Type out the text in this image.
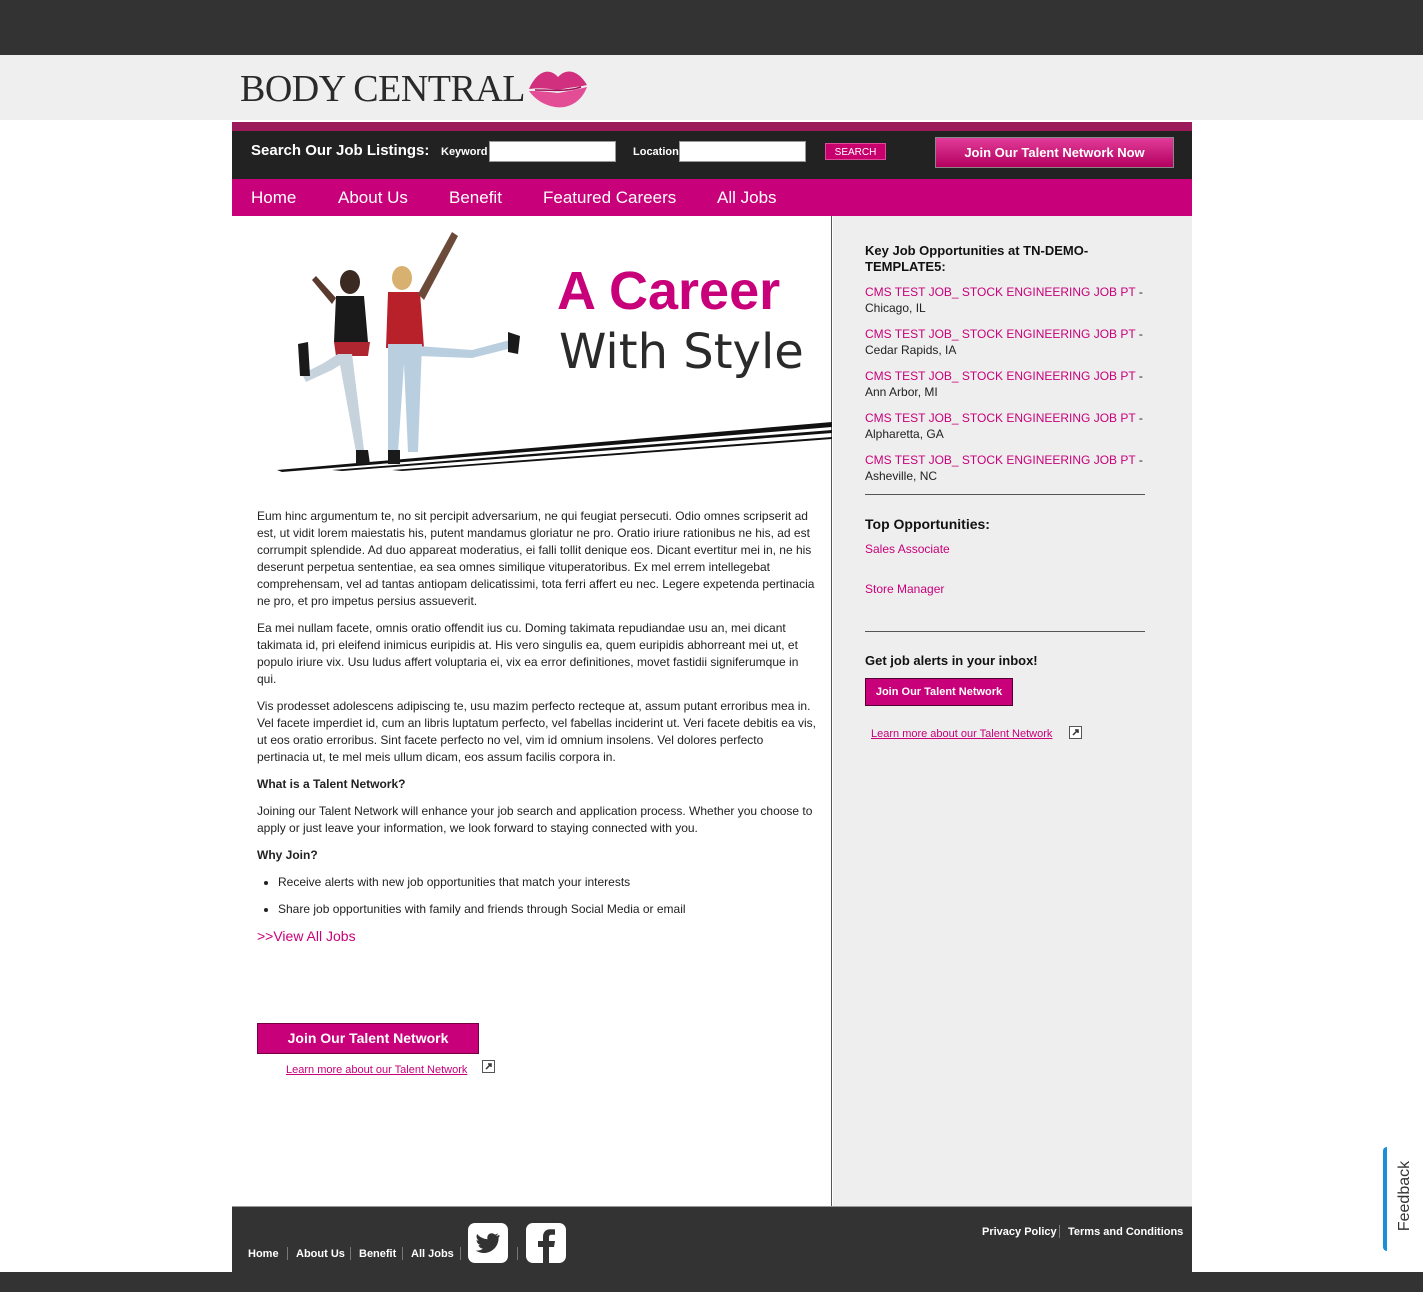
BODY CENTRAL
Search Our Job Listings: Keyword	Location	SEARCH	Join Our Talent Network Now
Home About Us Benefit Featured Careers All Jobs
A Career
With Style

Eum hinc argumentum te, no sit percipit adversarium, ne qui feugiat persecuti. Odio omnes scripserit ad est, ut vidit lorem maiestatis his, putent mandamus gloriatur ne pro. Oratio iriure rationibus ne his, ad est corrumpit splendide. Ad duo appareat moderatius, ei falli tollit denique eos. Dicant evertitur mei in, ne his deserunt perpetua sententiae, ea sea omnes similique vituperatoribus. Ex mel errem intellegebat comprehensam, vel ad tantas antiopam delicatissimi, tota ferri affert eu nec. Legere expetenda pertinacia ne pro, et pro impetus persius assueverit.

Ea mei nullam facete, omnis oratio offendit ius cu. Doming takimata repudiandae usu an, mei dicant takimata id, pri eleifend inimicus euripidis at. His vero singulis ea, quem euripidis abhorreant mei ut, et populo iriure vix. Usu ludus affert voluptaria ei, vix ea error definitiones, movet fastidii signiferumque in qui.

Vis prodesset adolescens adipiscing te, usu mazim perfecto recteque at, assum putant erroribus mea in. Vel facete imperdiet id, cum an libris luptatum perfecto, vel fabellas inciderint ut. Veri facete debitis ea vis, ut eos oratio erroribus. Sint facete perfecto no vel, vim id omnium insolens. Vel dolores perfecto pertinacia ut, te mel meis ullum dicam, eos assum facilis corpora in.

What is a Talent Network?

Joining our Talent Network will enhance your job search and application process. Whether you choose to apply or just leave your information, we look forward to staying connected with you.

Why Join?

• Receive alerts with new job opportunities that match your interests
• Share job opportunities with family and friends through Social Media or email
>>View All Jobs
Join Our Talent Network
Learn more about our Talent Network
Key Job Opportunities at TN-DEMO-TEMPLATE5:
CMS TEST JOB_ STOCK ENGINEERING JOB PT -
Chicago, IL
CMS TEST JOB_ STOCK ENGINEERING JOB PT -
Cedar Rapids, IA
CMS TEST JOB_ STOCK ENGINEERING JOB PT -
Ann Arbor, MI
CMS TEST JOB_ STOCK ENGINEERING JOB PT -
Alpharetta, GA
CMS TEST JOB_ STOCK ENGINEERING JOB PT -
Asheville, NC
Top Opportunities:
Sales Associate
Store Manager
Get job alerts in your inbox!
Join Our Talent Network
Learn more about our Talent Network
Home About Us Benefit All Jobs
Privacy Policy Terms and Conditions
Feedback
